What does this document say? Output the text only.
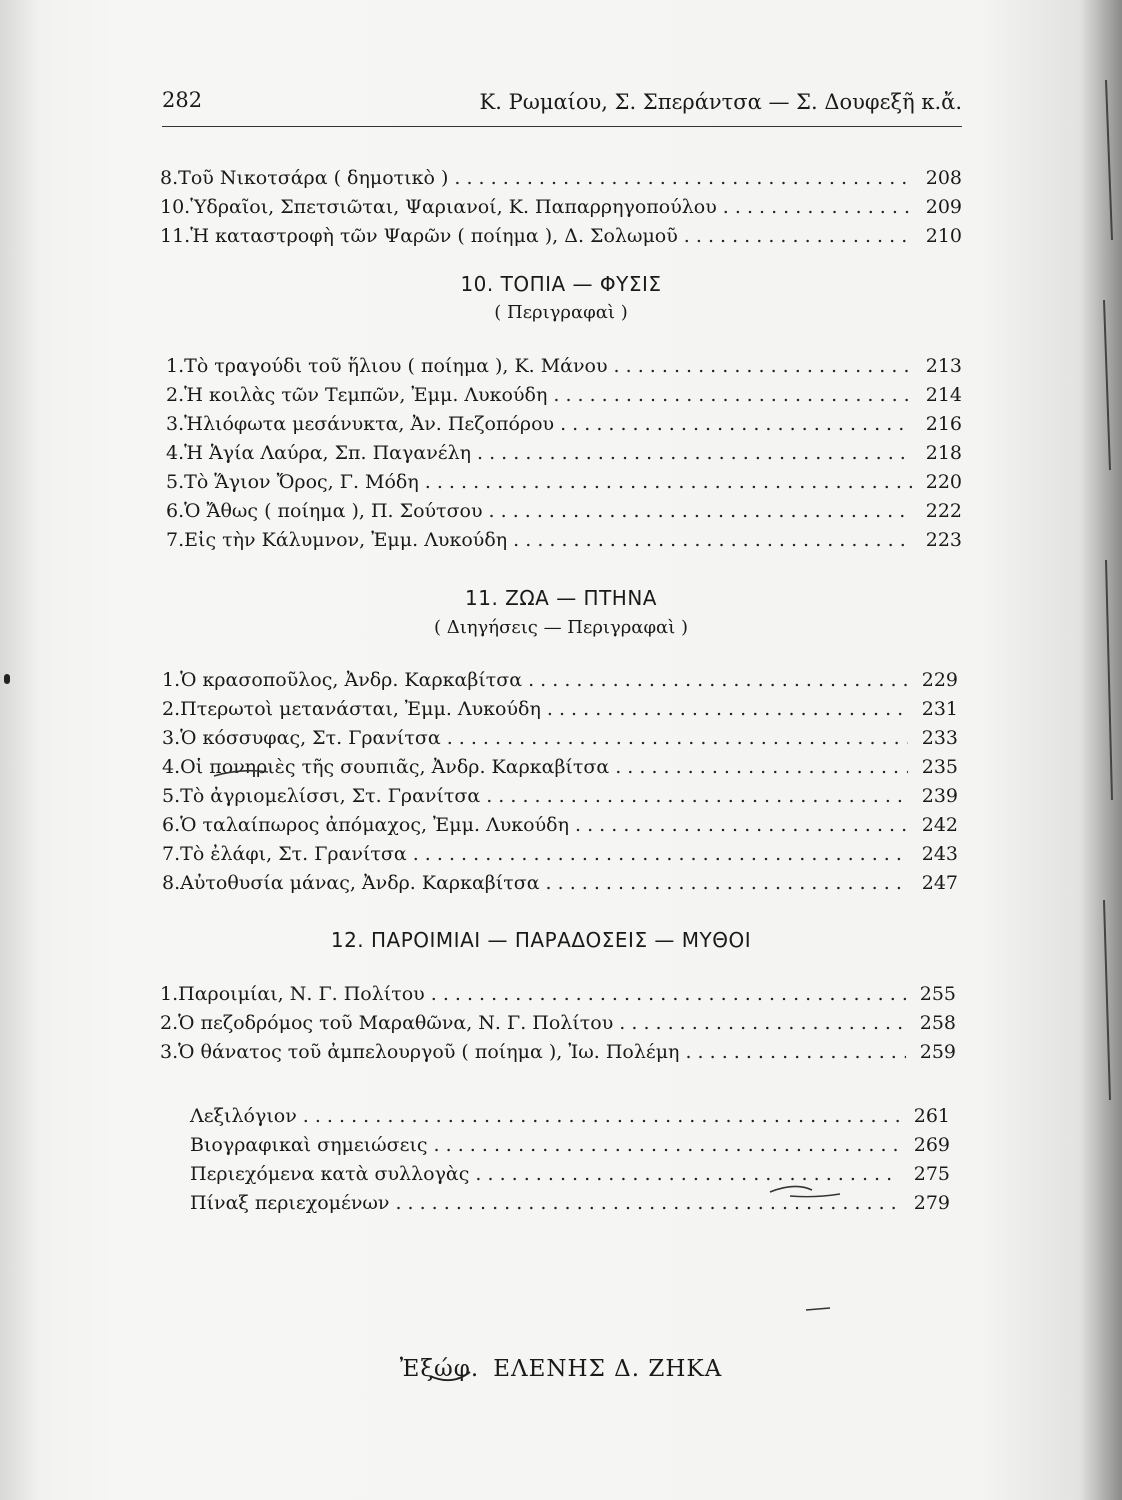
282	Κ. Ρωμαίου, Σ. Σπεράντσα — Σ. Δουφεξῆ κ.ἄ.
8. Τοῦ Νικοτσάρα ( δημοτικὸ ) . . .	208
10. Ὑδραῖοι, Σπετσιῶται, Ψαριανοί, Κ. Παπαρρηγοπούλου . . .	209
11. Ἡ καταστροφὴ τῶν Ψαρῶν ( ποίημα ), Δ. Σολωμοῦ . . .	210
10. ΤΟΠΙΑ — ΦΥΣΙΣ
( Περιγραφαὶ )
1. Τὸ τραγούδι τοῦ ἥλιου ( ποίημα ), Κ. Μάνου . . .	213
2. Ἡ κοιλὰς τῶν Τεμπῶν, Ἐμμ. Λυκούδη . . .	214
3. Ἡλιόφωτα μεσάνυκτα, Ἀν. Πεζοπόρου . . .	216
4. Ἡ Ἁγία Λαύρα, Σπ. Παγανέλη . . .	218
5. Τὸ Ἅγιον Ὄρος, Γ. Μόδη . . .	220
6. Ὁ Ἄθως ( ποίημα ), Π. Σούτσου . . .	222
7. Εἰς τὴν Κάλυμνον, Ἐμμ. Λυκούδη . . .	223
11. ΖΩΑ — ΠΤΗΝΑ
( Διηγήσεις — Περιγραφαὶ )
1. Ὁ κρασοποῦλος, Ἀνδρ. Καρκαβίτσα . . .	229
2. Πτερωτοὶ μετανάσται, Ἐμμ. Λυκούδη . . .	231
3. Ὁ κόσσυφας, Στ. Γρανίτσα . . .	233
4. Οἱ πονηριὲς τῆς σουπιᾶς, Ἀνδρ. Καρκαβίτσα . . .	235
5. Τὸ ἀγριομελίσσι, Στ. Γρανίτσα . . .	239
6. Ὁ ταλαίπωρος ἀπόμαχος, Ἐμμ. Λυκούδη . . .	242
7. Τὸ ἐλάφι, Στ. Γρανίτσα . . .	243
8. Αὐτοθυσία μάνας, Ἀνδρ. Καρκαβίτσα . . .	247
12. ΠΑΡΟΙΜΙΑΙ — ΠΑΡΑΔΟΣΕΙΣ — ΜΥΘΟΙ
1. Παροιμίαι, Ν. Γ. Πολίτου . . .	255
2. Ὁ πεζοδρόμος τοῦ Μαραθῶνα, Ν. Γ. Πολίτου . . .	258
3. Ὁ θάνατος τοῦ ἀμπελουργοῦ ( ποίημα ), Ἰω. Πολέμη . . .	259
Λεξιλόγιον . . .	261
Βιογραφικαὶ σημειώσεις . . .	269
Περιεχόμενα κατὰ συλλογὰς . . .	275
Πίναξ περιεχομένων . . .	279
Ἐξώφ. ΕΛΕΝΗΣ Δ. ΖΗΚΑ
